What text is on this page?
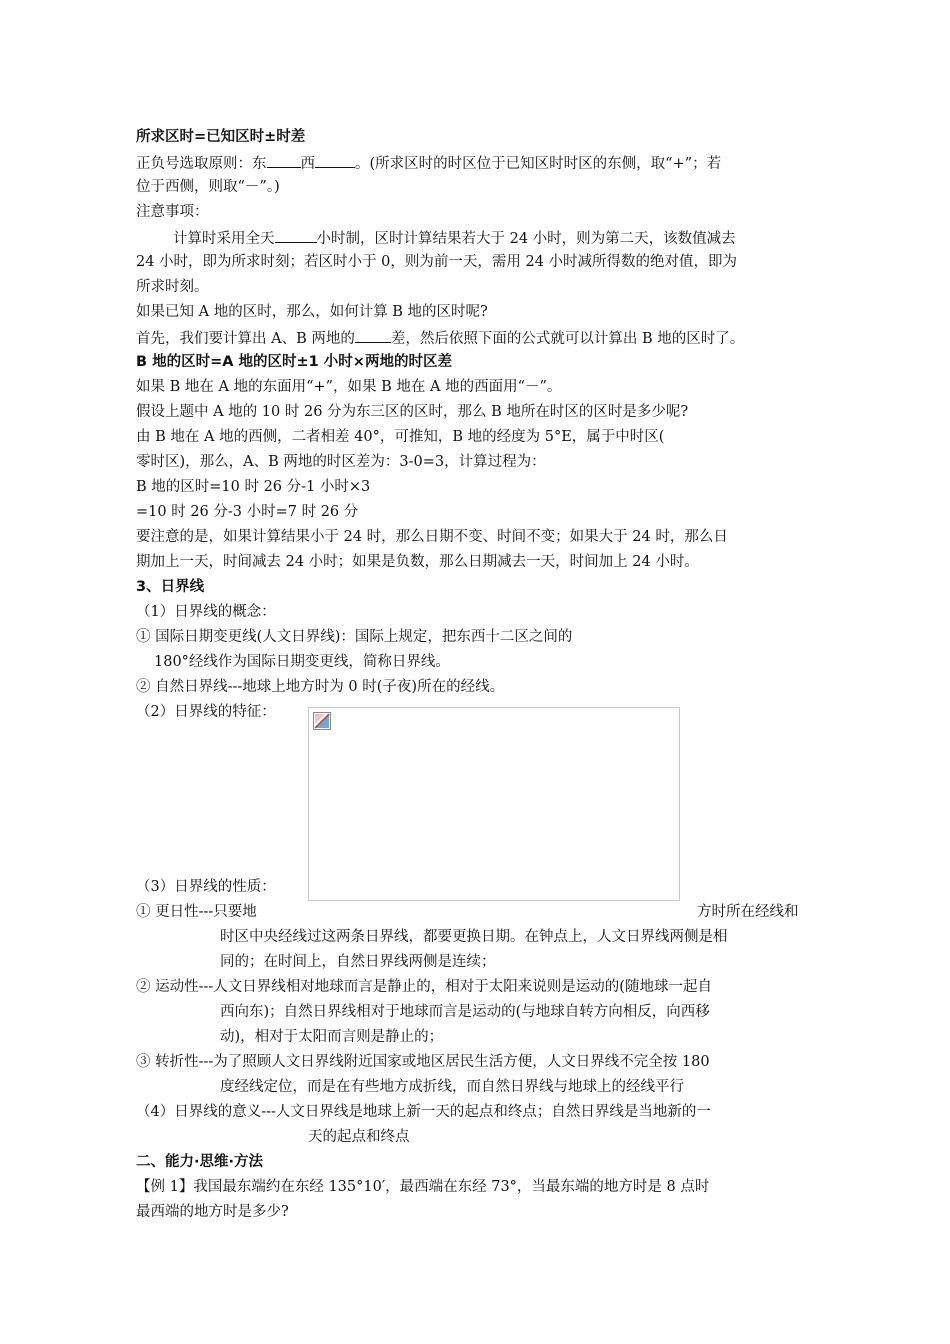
所求区时=已知区时±时差
正负号选取原则：东 西	。(所求区时的时区位于已知区时时区的东侧，取“+”；若
位于西侧，则取“－”。)
注意事项：
计算时采用全天	小时制，区时计算结果若大于 24 小时，则为第二天，该数值减去
24 小时，即为所求时刻；若区时小于 0，则为前一天，需用 24 小时减所得数的绝对值，即为
所求时刻。
如果已知 A 地的区时，那么，如何计算 B 地的区时呢?
首先，我们要计算出 A、B 两地的 差，然后依照下面的公式就可以计算出 B 地的区时了。
B 地的区时=A 地的区时±1 小时×两地的时区差
如果 B 地在 A 地的东面用“+”，如果 B 地在 A 地的西面用“－”。
假设上题中 A 地的 10 时 26 分为东三区的区时，那么 B 地所在时区的区时是多少呢?
由 B 地在 A 地的西侧，二者相差 40°，可推知，B 地的经度为 5°E，属于中时区(
零时区)，那么，A、B 两地的时区差为：3-0=3，计算过程为：
B 地的区时=10 时 26 分-1 小时×3
=10 时 26 分-3 小时=7 时 26 分
要注意的是，如果计算结果小于 24 时，那么日期不变、时间不变；如果大于 24 时，那么日
期加上一天，时间减去 24 小时；如果是负数，那么日期减去一天，时间加上 24 小时。
3、日界线
（1）日界线的概念：
① 国际日期变更线(人文日界线)：国际上规定，把东西十二区之间的
180°经线作为国际日期变更线，简称日界线。
② 自然日界线---地球上地方时为 0 时(子夜)所在的经线。
（2）日界线的特征：
（3）日界线的性质：
① 更日性---只要地	方时所在经线和
时区中央经线过这两条日界线，都要更换日期。在钟点上，人文日界线两侧是相
同的；在时间上，自然日界线两侧是连续；
② 运动性---人文日界线相对地球而言是静止的，相对于太阳来说则是运动的(随地球一起自
西向东)；自然日界线相对于地球而言是运动的(与地球自转方向相反，向西移
动)，相对于太阳而言则是静止的；
③ 转折性---为了照顾人文日界线附近国家或地区居民生活方便，人文日界线不完全按 180
度经线定位，而是在有些地方成折线，而自然日界线与地球上的经线平行
（4）日界线的意义---人文日界线是地球上新一天的起点和终点；自然日界线是当地新的一
天的起点和终点
二、能力·思维·方法
【例 1】我国最东端约在东经 135°10′，最西端在东经 73°，当最东端的地方时是 8 点时
最西端的地方时是多少?
